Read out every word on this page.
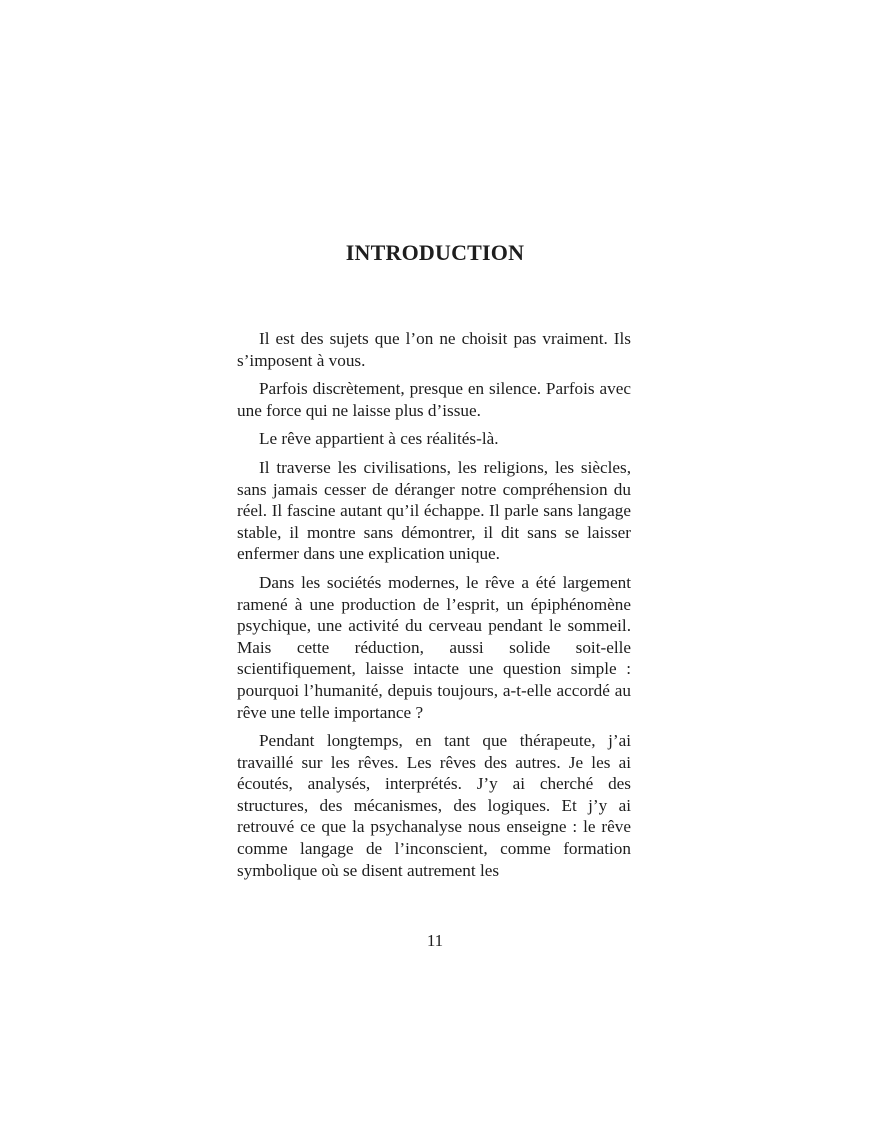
INTRODUCTION

Il est des sujets que l’on ne choisit pas vraiment. Ils s’imposent à vous.

Parfois discrètement, presque en silence. Parfois avec une force qui ne laisse plus d’issue.

Le rêve appartient à ces réalités-là.

Il traverse les civilisations, les religions, les siècles, sans jamais cesser de déranger notre compréhension du réel. Il fascine autant qu’il échappe. Il parle sans langage stable, il montre sans démontrer, il dit sans se laisser enfermer dans une explication unique.

Dans les sociétés modernes, le rêve a été largement ramené à une production de l’esprit, un épiphénomène psychique, une activité du cerveau pendant le sommeil. Mais cette réduction, aussi solide soit-elle scientifiquement, laisse intacte une question simple : pourquoi l’humanité, depuis toujours, a-t-elle accordé au rêve une telle importance ?

Pendant longtemps, en tant que thérapeute, j’ai travaillé sur les rêves. Les rêves des autres. Je les ai écoutés, analysés, interprétés. J’y ai cherché des structures, des mécanismes, des logiques. Et j’y ai retrouvé ce que la psychanalyse nous enseigne : le rêve comme langage de l’inconscient, comme formation symbolique où se disent autrement les

11
